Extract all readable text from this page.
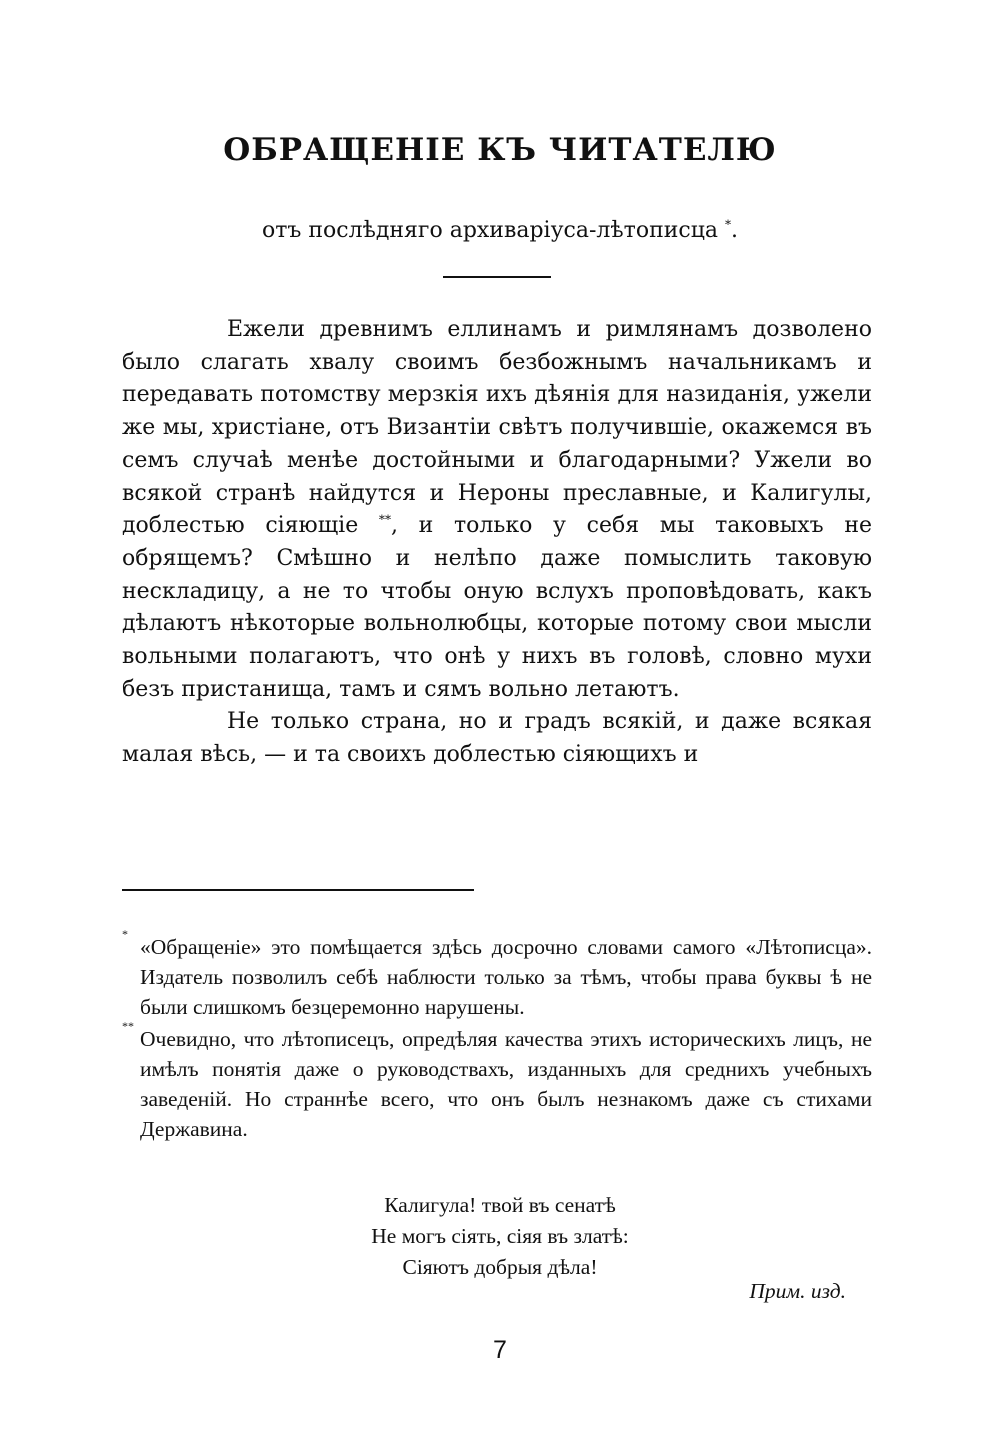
ОБРАЩЕНІЕ КЪ ЧИТАТЕЛЮ

отъ послѣдняго архиваріуса-лѣтописца *.

Ежели древнимъ еллинамъ и римлянамъ дозволено было слагать хвалу своимъ безбожнымъ начальникамъ и передавать потомству мерзкія ихъ дѣянія для назиданія, ужели же мы, христіане, отъ Византіи свѣтъ получившіе, окажемся въ семъ случаѣ менѣе достойными и благодарными? Ужели во всякой странѣ найдутся и Нероны преславные, и Калигулы, доблестью сіяющіе **, и только у себя мы таковыхъ не обрящемъ? Смѣшно и нелѣпо даже помыслить таковую нескладицу, а не то чтобы оную вслухъ проповѣдовать, какъ дѣлаютъ нѣкоторые вольнолюбцы, которые потому свои мысли вольными полагаютъ, что онѣ у нихъ въ головѣ, словно мухи безъ пристанища, тамъ и сямъ вольно летаютъ.

Не только страна, но и градъ всякій, и даже всякая малая вѣсь, — и та своихъ доблестью сіяющихъ и

*
«Обращеніе» это помѣщается здѣсь досрочно словами самого «Лѣтописца». Издатель позволилъ себѣ наблюсти только за тѣмъ, чтобы права буквы ѣ не были слишкомъ безцеремонно нарушены.

**
Очевидно, что лѣтописецъ, опредѣляя качества этихъ историческихъ лицъ, не имѣлъ понятія даже о руководствахъ, изданныхъ для среднихъ учебныхъ заведеній. Но страннѣе всего, что онъ былъ незнакомъ даже съ стихами Державина.

Калигула! твой въ сенатѣ
Не могъ сіять, сіяя въ златѣ:
Сіяютъ добрыя дѣла!
Прим. изд.
7
